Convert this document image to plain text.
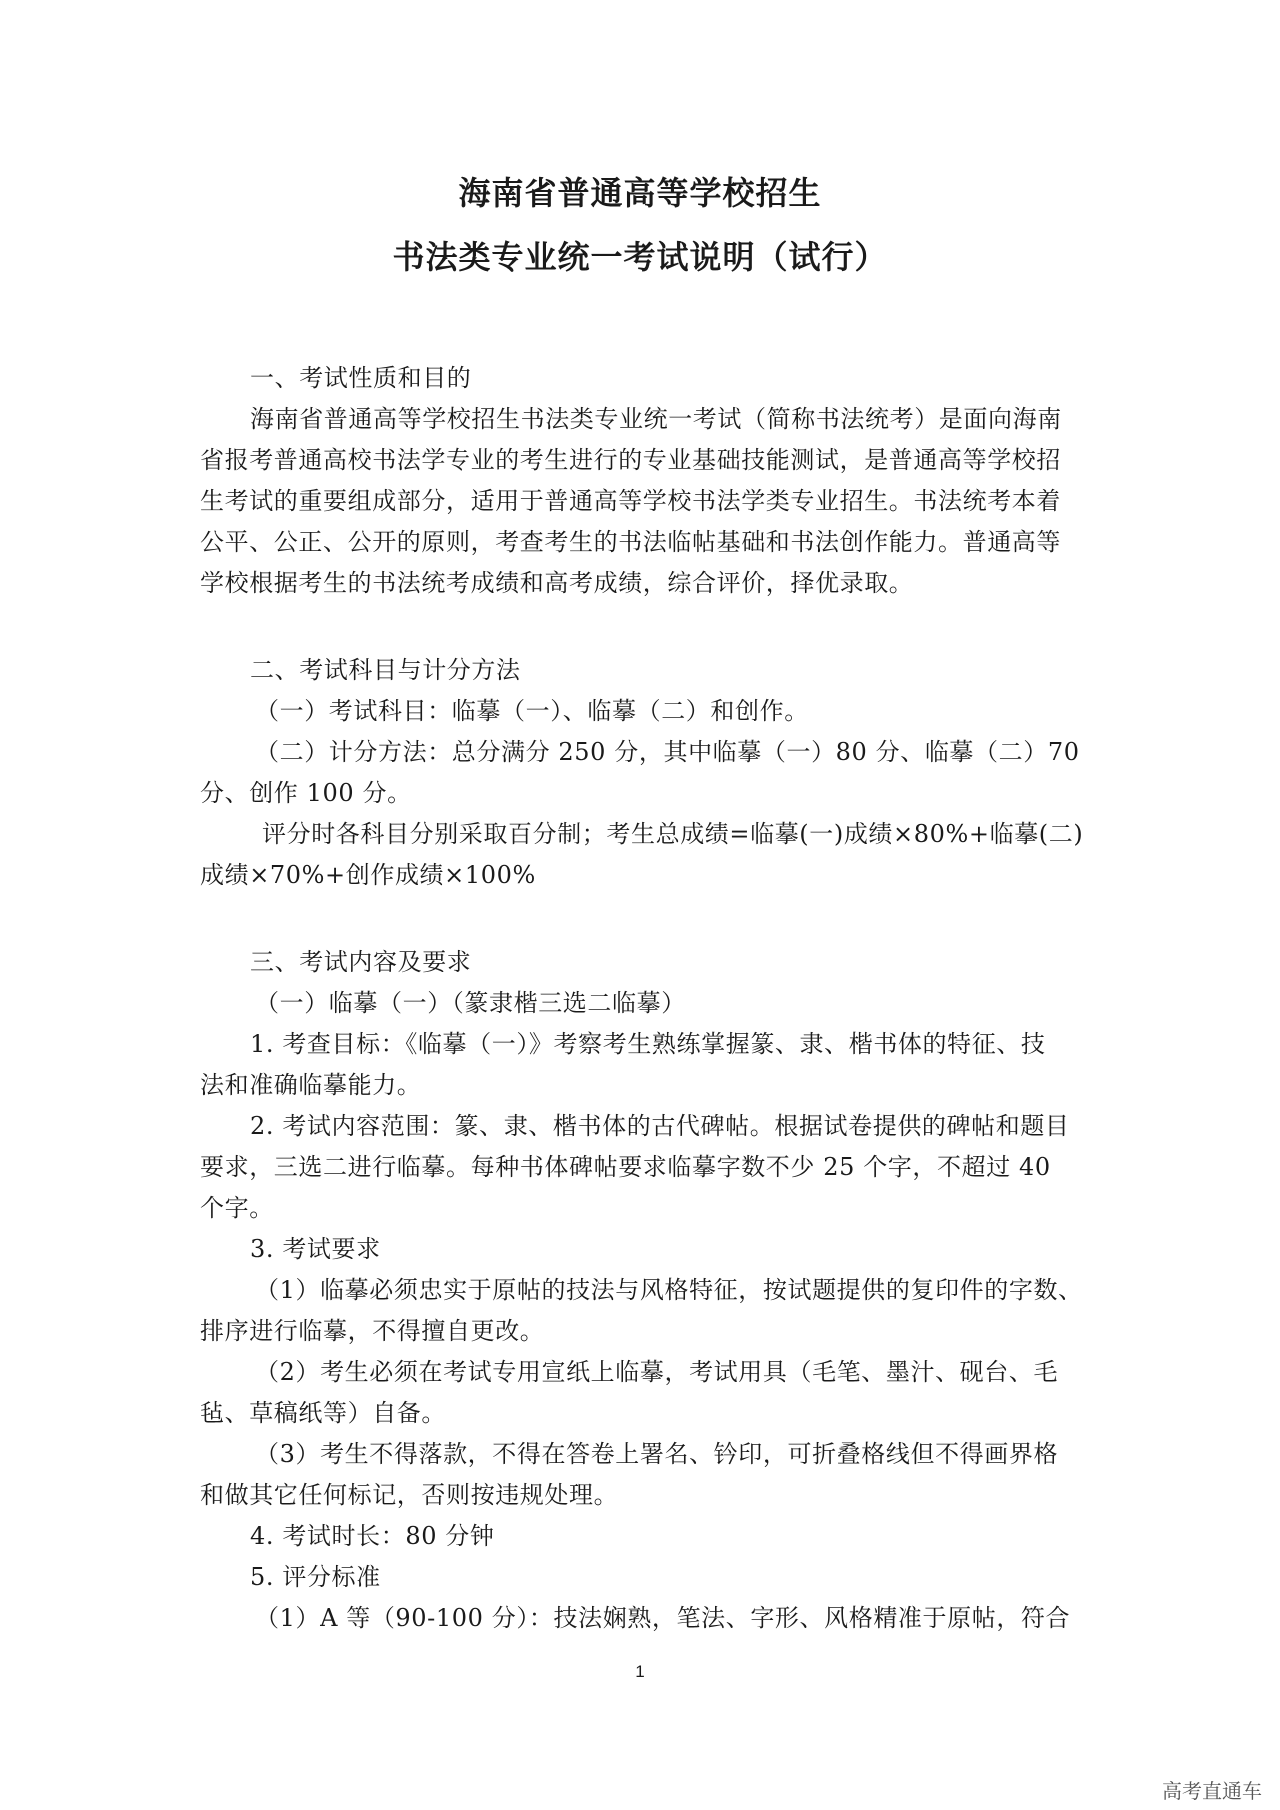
海南省普通高等学校招生
书法类专业统一考试说明（试行）
一、考试性质和目的
海南省普通高等学校招生书法类专业统一考试（简称书法统考）是面向海南
省报考普通高校书法学专业的考生进行的专业基础技能测试，是普通高等学校招
生考试的重要组成部分，适用于普通高等学校书法学类专业招生。书法统考本着
公平、公正、公开的原则，考查考生的书法临帖基础和书法创作能力。普通高等
学校根据考生的书法统考成绩和高考成绩，综合评价，择优录取。
二、考试科目与计分方法
（一）考试科目：临摹（一）、临摹（二）和创作。
（二）计分方法：总分满分 250 分，其中临摹（一）80 分、临摹（二）70
分、创作 100 分。
评分时各科目分别采取百分制；考生总成绩=临摹(一)成绩×80%+临摹(二)
成绩×70%+创作成绩×100%
三、考试内容及要求
（一）临摹（一）（篆隶楷三选二临摹）
1. 考查目标：《临摹（一）》考察考生熟练掌握篆、隶、楷书体的特征、技
法和准确临摹能力。
2. 考试内容范围：篆、隶、楷书体的古代碑帖。根据试卷提供的碑帖和题目
要求，三选二进行临摹。每种书体碑帖要求临摹字数不少 25 个字，不超过 40
个字。
3. 考试要求
（1）临摹必须忠实于原帖的技法与风格特征，按试题提供的复印件的字数、
排序进行临摹，不得擅自更改。
（2）考生必须在考试专用宣纸上临摹，考试用具（毛笔、墨汁、砚台、毛
毡、草稿纸等）自备。
（3）考生不得落款，不得在答卷上署名、钤印，可折叠格线但不得画界格
和做其它任何标记，否则按违规处理。
4. 考试时长：80 分钟
5. 评分标准
（1）A 等（90-100 分）：技法娴熟，笔法、字形、风格精准于原帖，符合
1
高考直通车
